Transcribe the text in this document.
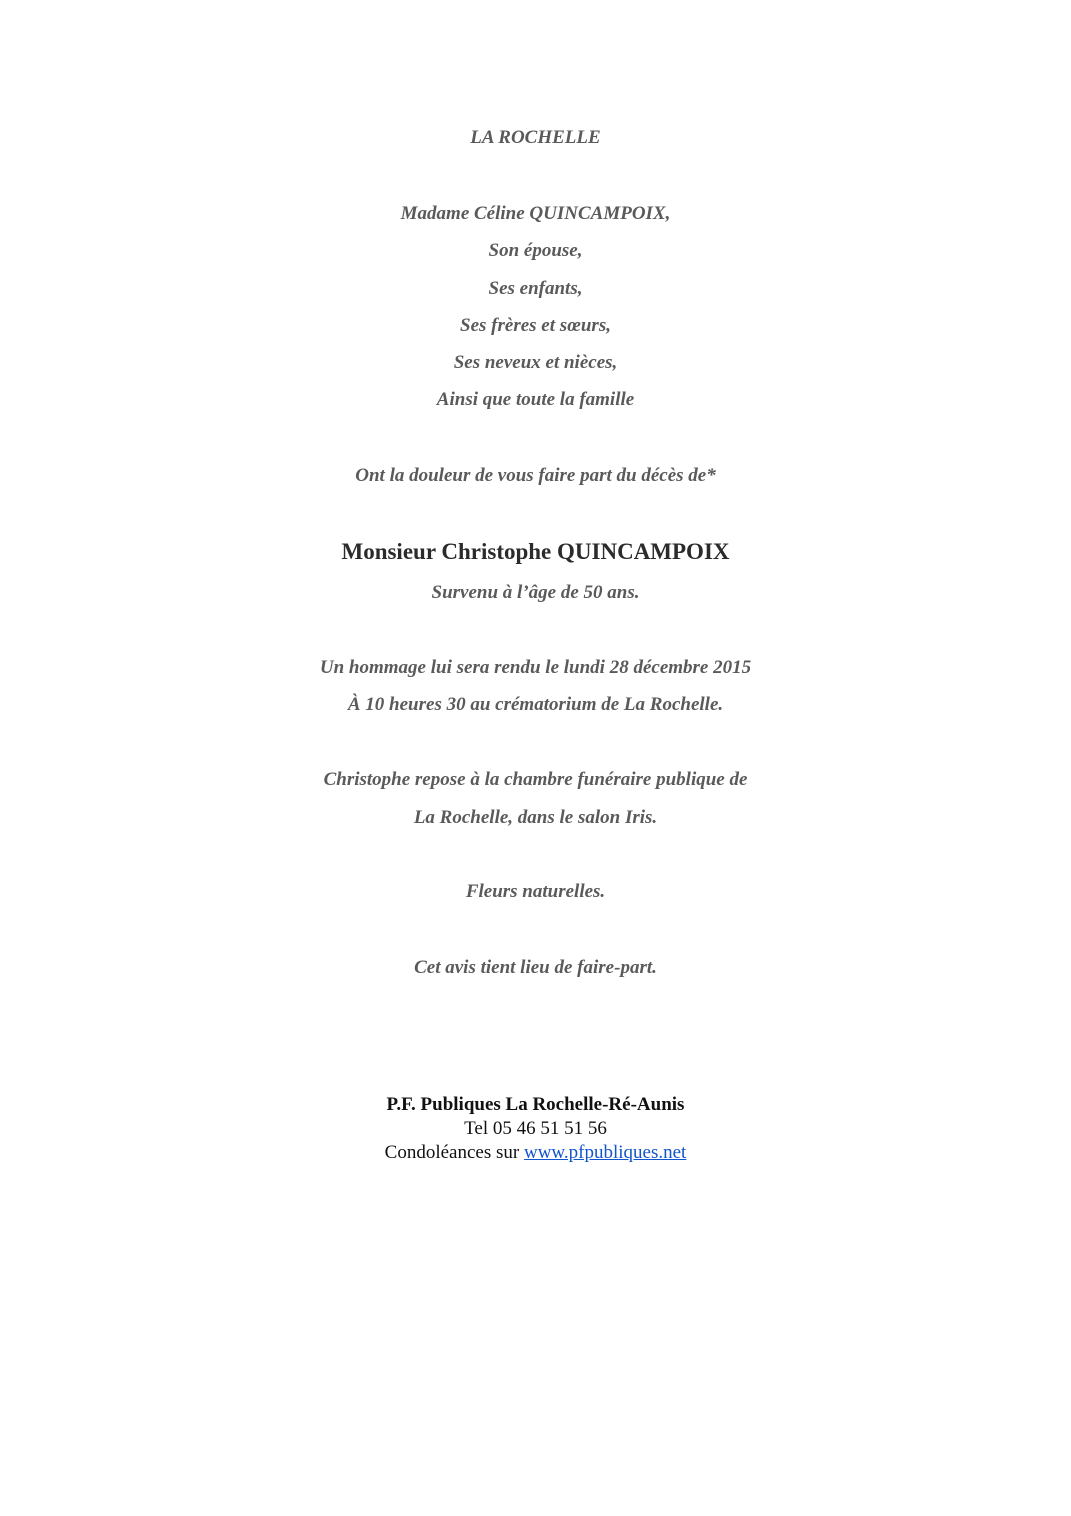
LA ROCHELLE
Madame Céline QUINCAMPOIX,
Son épouse,
Ses enfants,
Ses frères et sœurs,
Ses neveux et nièces,
Ainsi que toute la famille
Ont la douleur de vous faire part du décès de*
Monsieur Christophe QUINCAMPOIX
Survenu à l’âge de 50 ans.
Un hommage lui sera rendu le lundi 28 décembre 2015
À 10 heures 30 au crématorium de La Rochelle.
Christophe repose à la chambre funéraire publique de
La Rochelle, dans le salon Iris.
Fleurs naturelles.
Cet avis tient lieu de faire-part.
P.F. Publiques La Rochelle-Ré-Aunis
Tel 05 46 51 51 56
Condoléances sur www.pfpubliques.net
